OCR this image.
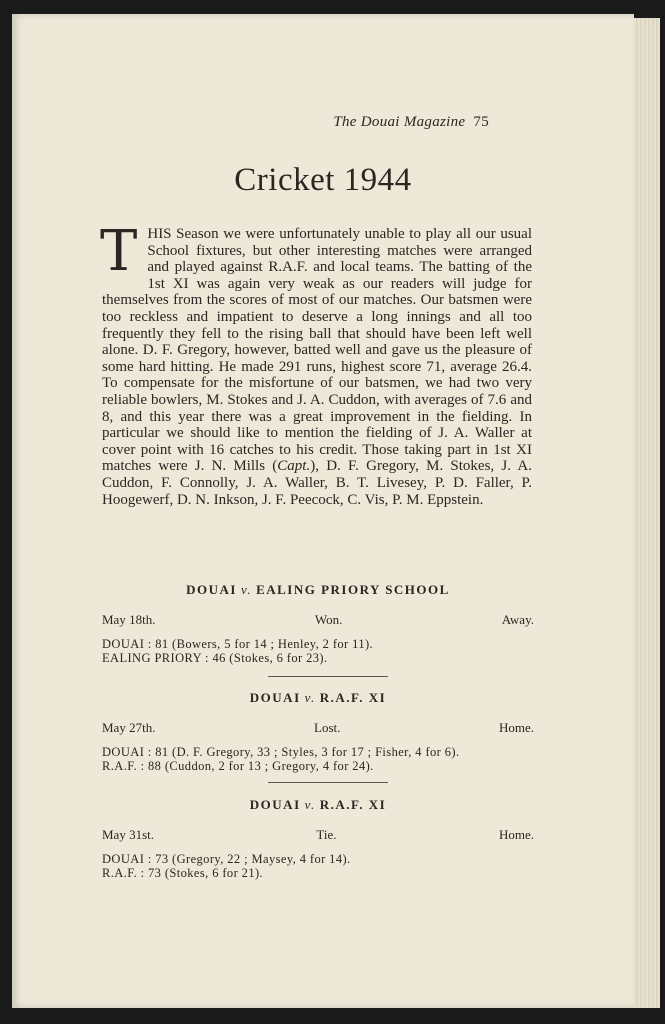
The Douai Magazine 75
Cricket 1944
THIS Season we were unfortunately unable to play all our usual School fixtures, but other interesting matches were arranged and played against R.A.F. and local teams. The batting of the 1st XI was again very weak as our readers will judge for themselves from the scores of most of our matches. Our batsmen were too reckless and impatient to deserve a long innings and all too frequently they fell to the rising ball that should have been left well alone. D. F. Gregory, however, batted well and gave us the pleasure of some hard hitting. He made 291 runs, highest score 71, average 26.4. To compensate for the misfortune of our batsmen, we had two very reliable bowlers, M. Stokes and J. A. Cuddon, with averages of 7.6 and 8, and this year there was a great improvement in the fielding. In particular we should like to mention the fielding of J. A. Waller at cover point with 16 catches to his credit. Those taking part in 1st XI matches were J. N. Mills (Capt.), D. F. Gregory, M. Stokes, J. A. Cuddon, F. Connolly, J. A. Waller, B. T. Livesey, P. D. Faller, P. Hoogewerf, D. N. Inkson, J. F. Peecock, C. Vis, P. M. Eppstein.
DOUAI v. EALING PRIORY SCHOOL
May 18th.	Won.	Away.
DOUAI : 81 (Bowers, 5 for 14 ; Henley, 2 for 11).
EALING PRIORY : 46 (Stokes, 6 for 23).
DOUAI v. R.A.F. XI
May 27th.	Lost.	Home.
DOUAI : 81 (D. F. Gregory, 33 ; Styles, 3 for 17 ; Fisher, 4 for 6).
R.A.F. : 88 (Cuddon, 2 for 13 ; Gregory, 4 for 24).
DOUAI v. R.A.F. XI
May 31st.	Tie.	Home.
DOUAI : 73 (Gregory, 22 ; Maysey, 4 for 14).
R.A.F. : 73 (Stokes, 6 for 21).
